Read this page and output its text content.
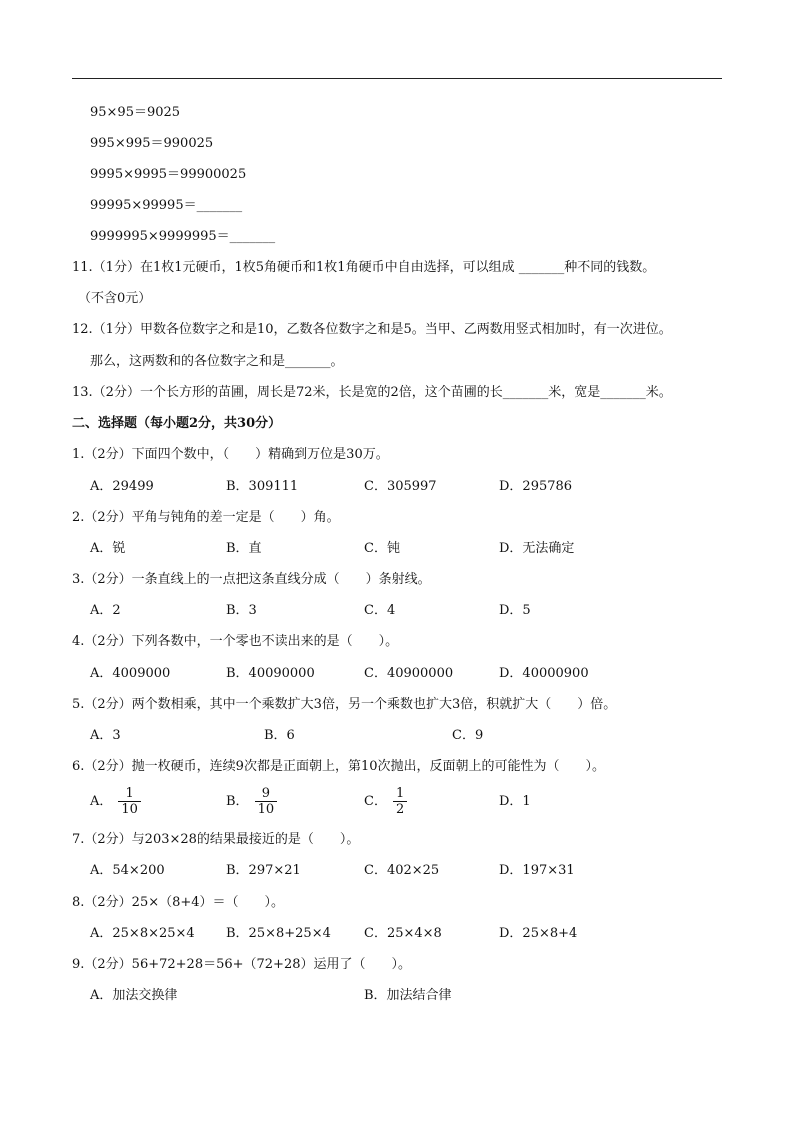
95×95＝9025
995×995＝990025
9995×9995＝99900025
99995×99995＝_______
9999995×9999995＝_______
11.（1分）在1枚1元硬币，1枚5角硬币和1枚1角硬币中自由选择，可以组成 _______种不同的钱数。
（不含0元）
12.（1分）甲数各位数字之和是10，乙数各位数字之和是5。当甲、乙两数用竖式相加时，有一次进位。
那么，这两数和的各位数字之和是_______。
13.（2分）一个长方形的苗圃，周长是72米，长是宽的2倍，这个苗圃的长_______米，宽是_______米。
二、选择题（每小题2分，共30分）
1.（2分）下面四个数中，（　　）精确到万位是30万。
A．29499	B．309111	C．305997	D．295786
2.（2分）平角与钝角的差一定是（　　）角。
A．锐	B．直	C．钝	D．无法确定
3.（2分）一条直线上的一点把这条直线分成（　　）条射线。
A．2	B．3	C．4	D．5
4.（2分）下列各数中，一个零也不读出来的是（　　）。
A．4009000	B．40090000	C．40900000	D．40000900
5.（2分）两个数相乘，其中一个乘数扩大3倍，另一个乘数也扩大3倍，积就扩大（　　）倍。
A．3	B．6	C．9
6.（2分）抛一枚硬币，连续9次都是正面朝上，第10次抛出，反面朝上的可能性为（　　）。
A． $\frac{1}{10}$	B． $\frac{9}{10}$	C． $\frac{1}{2}$	D．1
7.（2分）与203×28的结果最接近的是（　　）。
A．54×200	B．297×21	C．402×25	D．197×31
8.（2分）25×（8+4）＝（　　）。
A．25×8×25×4 B．25×8+25×4	C．25×4×8	D．25×8+4
9.（2分）56+72+28＝56+（72+28）运用了（　　）。
A．加法交换律	B．加法结合律
